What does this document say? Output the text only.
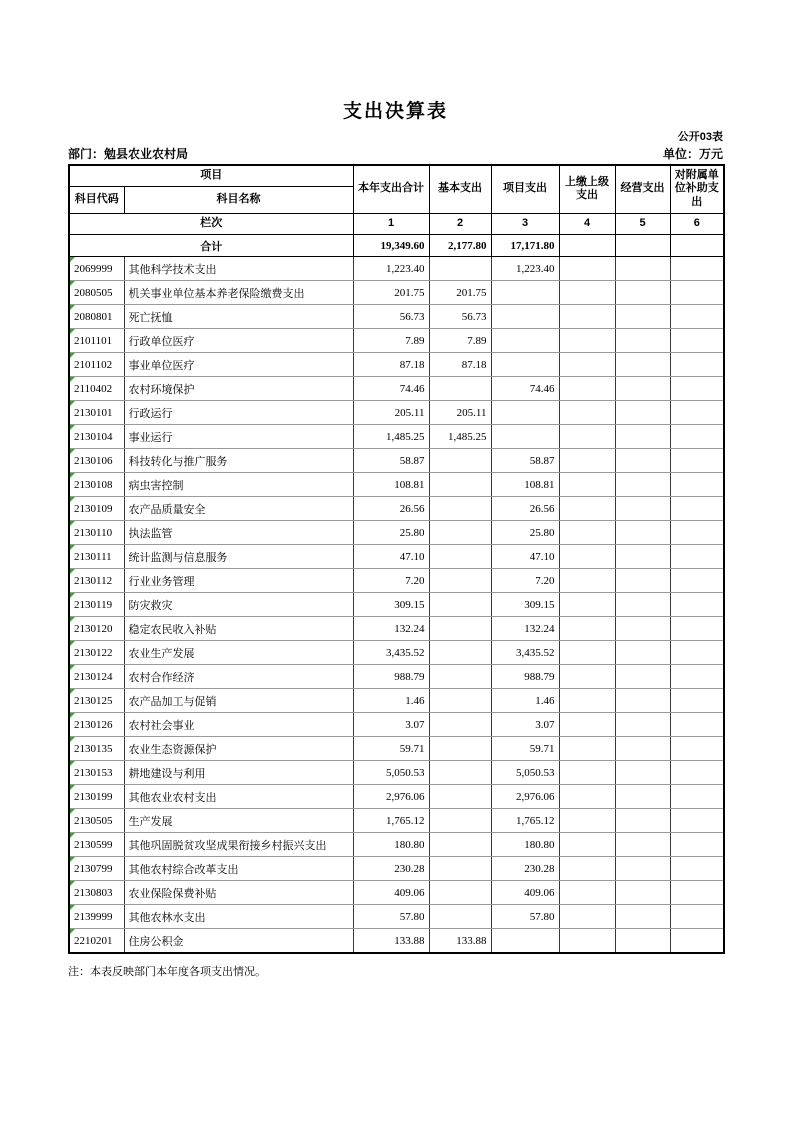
支出决算表
公开03表
部门：勉县农业农村局	单位：万元
项目		本年支出合计	基本支出	项目支出	上缴上级支出	经营支出	对附属单位补助支出
科目代码	科目名称						
栏次		1	2	3	4	5	6
合计		19,349.60	2,177.80	17,171.80			

2069999	其他科学技术支出	1,223.40		1,223.40			

2080505	机关事业单位基本养老保险缴费支出	201.75	201.75				

2080801	死亡抚恤	56.73	56.73				

2101101	行政单位医疗	7.89	7.89				

2101102	事业单位医疗	87.18	87.18				

2110402	农村环境保护	74.46		74.46			

2130101	行政运行	205.11	205.11				

2130104	事业运行	1,485.25	1,485.25				

2130106	科技转化与推广服务	58.87		58.87			

2130108	病虫害控制	108.81		108.81			

2130109	农产品质量安全	26.56		26.56			

2130110	执法监管	25.80		25.80			

2130111	统计监测与信息服务	47.10		47.10			

2130112	行业业务管理	7.20		7.20			

2130119	防灾救灾	309.15		309.15			

2130120	稳定农民收入补贴	132.24		132.24			

2130122	农业生产发展	3,435.52		3,435.52			

2130124	农村合作经济	988.79		988.79			

2130125	农产品加工与促销	1.46		1.46			

2130126	农村社会事业	3.07		3.07			

2130135	农业生态资源保护	59.71		59.71			

2130153	耕地建设与利用	5,050.53		5,050.53			

2130199	其他农业农村支出	2,976.06		2,976.06			

2130505	生产发展	1,765.12		1,765.12			

2130599	其他巩固脱贫攻坚成果衔接乡村振兴支出	180.80		180.80			

2130799	其他农村综合改革支出	230.28		230.28			

2130803	农业保险保费补贴	409.06		409.06			

2139999	其他农林水支出	57.80		57.80			

2210201	住房公积金	133.88	133.88				
注：本表反映部门本年度各项支出情况。
